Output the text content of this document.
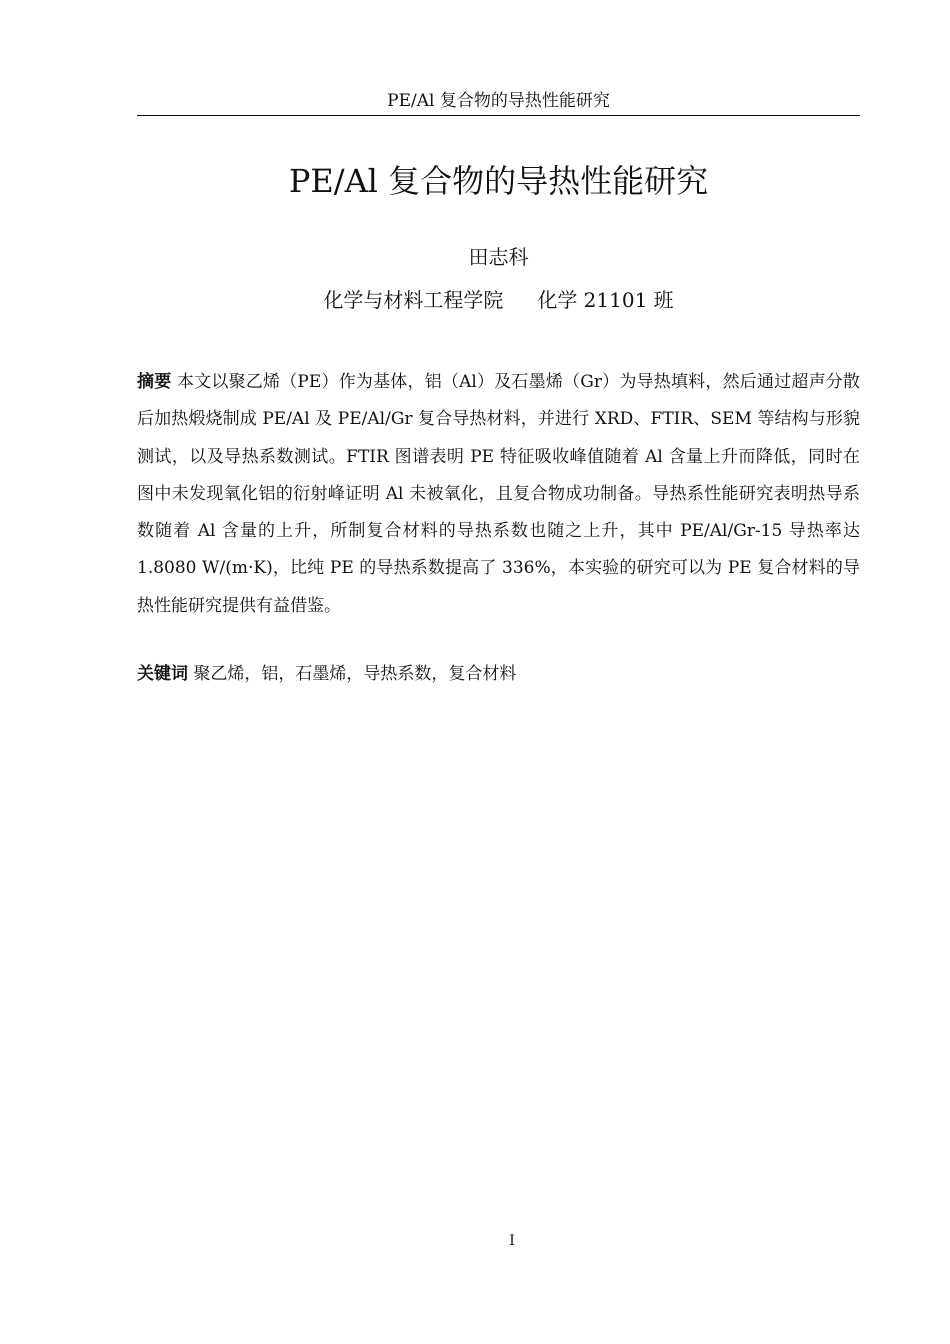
PE/Al 复合物的导热性能研究
PE/Al 复合物的导热性能研究
田志科
化学与材料工程学院 化学 21101 班
摘要 本文以聚乙烯（PE）作为基体，铝（Al）及石墨烯（Gr）为导热填料，然后通过超声分散后加热煅烧制成 PE/Al 及 PE/Al/Gr 复合导热材料，并进行 XRD、FTIR、SEM 等结构与形貌测试，以及导热系数测试。FTIR 图谱表明 PE 特征吸收峰值随着 Al 含量上升而降低，同时在图中未发现氧化铝的衍射峰证明 Al 未被氧化，且复合物成功制备。导热系性能研究表明热导系数随着 Al 含量的上升，所制复合材料的导热系数也随之上升，其中 PE/Al/Gr-15 导热率达 1.8080 W/(m·K)，比纯 PE 的导热系数提高了 336%，本实验的研究可以为 PE 复合材料的导热性能研究提供有益借鉴。
关键词 聚乙烯，铝，石墨烯，导热系数，复合材料
I
